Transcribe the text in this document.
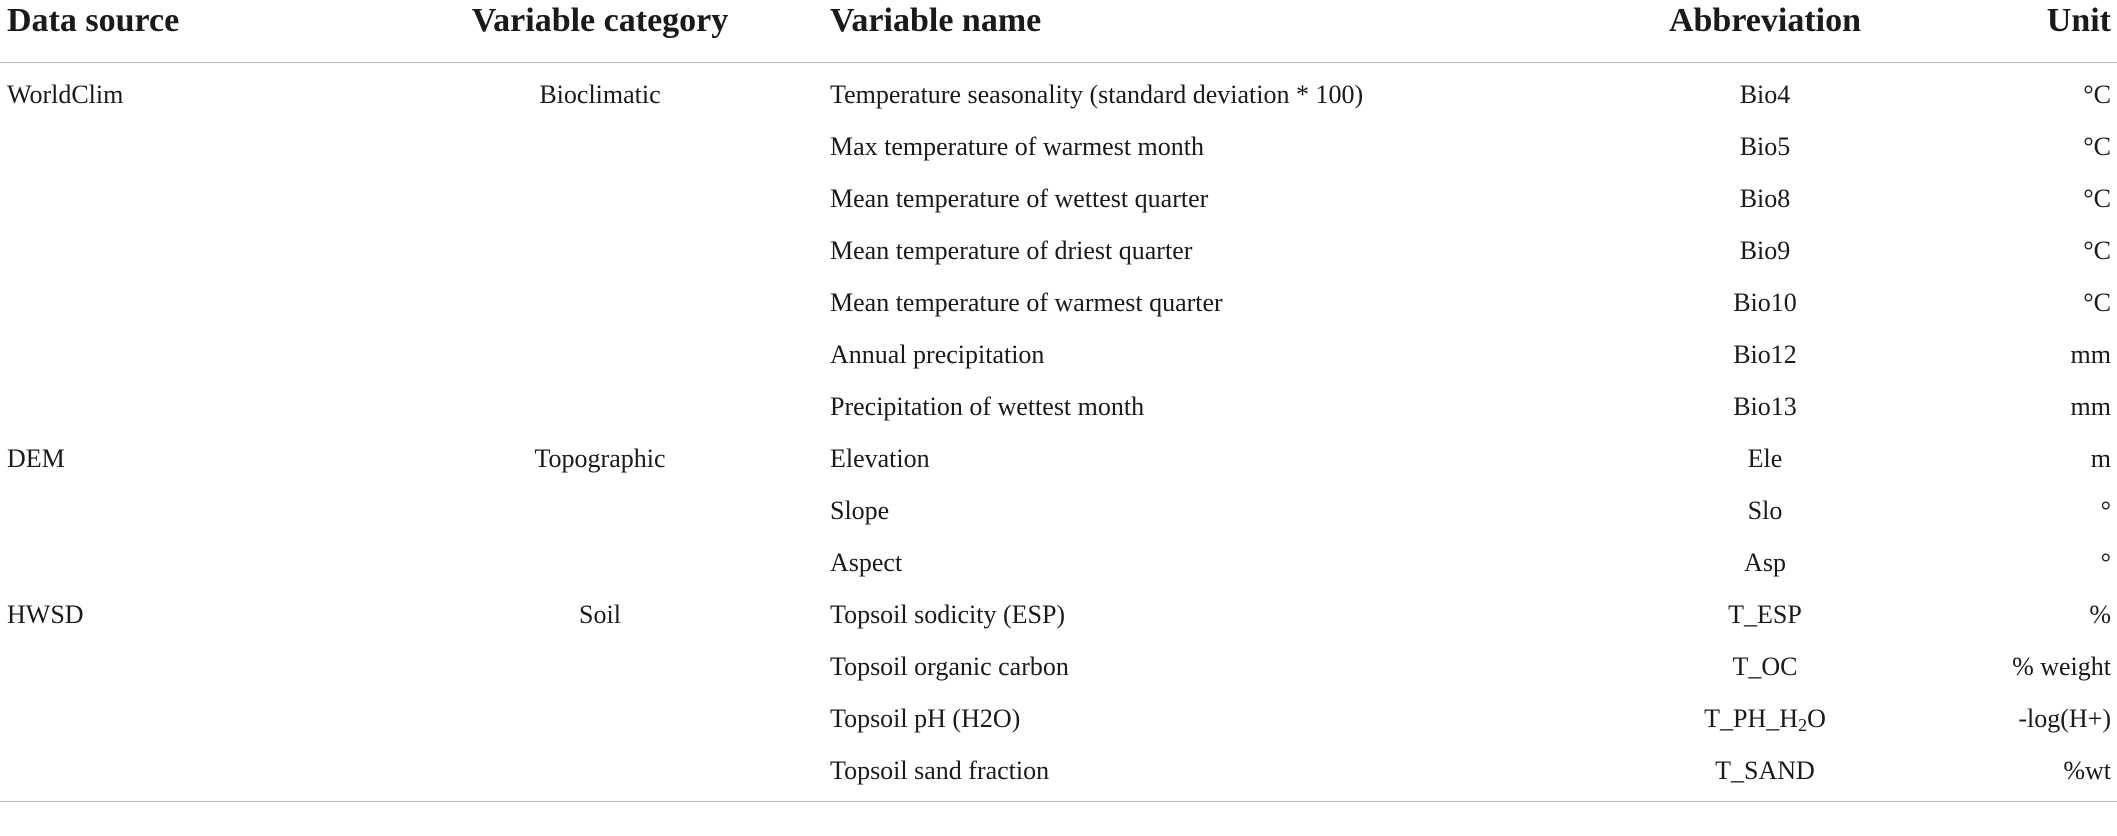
Data source	Variable category	Variable name	Abbreviation	Unit
WorldClim	Bioclimatic	Temperature seasonality (standard deviation * 100)	Bio4	°C
		Max temperature of warmest month	Bio5	°C
		Mean temperature of wettest quarter	Bio8	°C
		Mean temperature of driest quarter	Bio9	°C
		Mean temperature of warmest quarter	Bio10	°C
		Annual precipitation	Bio12	mm
		Precipitation of wettest month	Bio13	mm
DEM	Topographic	Elevation	Ele	m
		Slope	Slo	°
		Aspect	Asp	°
HWSD	Soil	Topsoil sodicity (ESP)	T_ESP	%
		Topsoil organic carbon	T_OC	% weight
		Topsoil pH (H2O)	$T\_PH\_H_2O$	-log(H+)
		Topsoil sand fraction	T_SAND	%wt
